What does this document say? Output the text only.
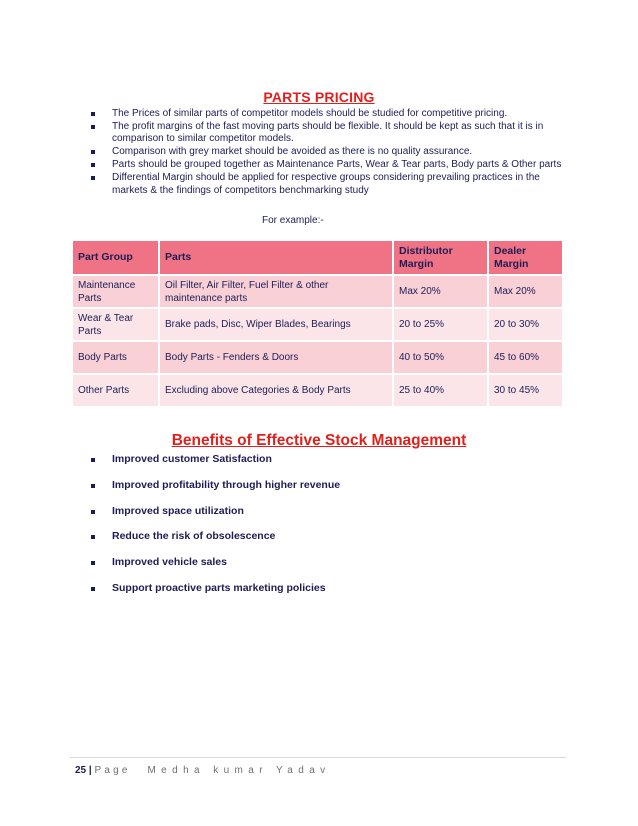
PARTS PRICING
The Prices of similar parts of competitor models should be studied for competitive pricing.
The profit margins of the fast moving parts should be flexible. It should be kept as such that it is in comparison to similar competitor models.
Comparison with grey market should be avoided as there is no quality assurance.
Parts should be grouped together as Maintenance Parts, Wear & Tear parts, Body parts & Other parts
Differential Margin should be applied for respective groups considering prevailing practices in the markets & the findings of competitors benchmarking study
For example:-
Part Group	Parts	Distributor Margin	Dealer Margin
Maintenance Parts	Oil Filter, Air Filter, Fuel Filter & other maintenance parts	Max 20%	Max 20%
Wear & Tear Parts	Brake pads, Disc, Wiper Blades, Bearings	20 to 25%	20 to 30%
Body Parts	Body Parts - Fenders & Doors	40 to 50%	45 to 60%
Other Parts	Excluding above Categories & Body Parts	25 to 40%	30 to 45%
Benefits of Effective Stock Management
Improved customer Satisfaction
Improved profitability through higher revenue
Improved space utilization
Reduce the risk of obsolescence
Improved vehicle sales
Support proactive parts marketing policies
25 | Page Medha kumar Yadav
